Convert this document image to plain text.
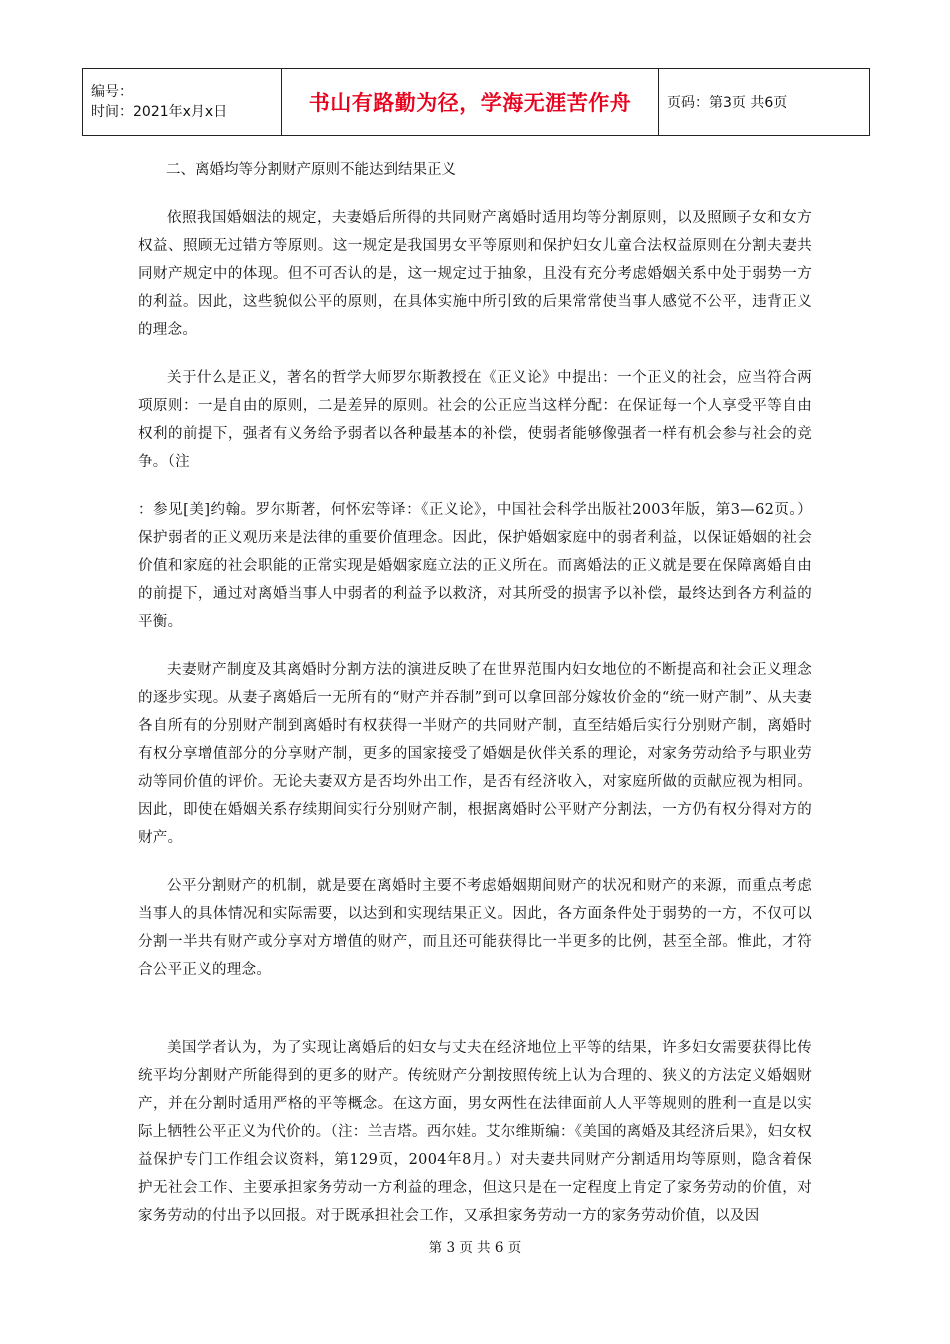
编号：
时间：2021年x月x日	书山有路勤为径，学海无涯苦作舟	页码：第3页 共6页

二、离婚均等分割财产原则不能达到结果正义

依照我国婚姻法的规定，夫妻婚后所得的共同财产离婚时适用均等分割原则，以及照顾子女和女方权益、照顾无过错方等原则。这一规定是我国男女平等原则和保护妇女儿童合法权益原则在分割夫妻共同财产规定中的体现。但不可否认的是，这一规定过于抽象，且没有充分考虑婚姻关系中处于弱势一方的利益。因此，这些貌似公平的原则，在具体实施中所引致的后果常常使当事人感觉不公平，违背正义的理念。

关于什么是正义，著名的哲学大师罗尔斯教授在《正义论》中提出：一个正义的社会，应当符合两项原则：一是自由的原则，二是差异的原则。社会的公正应当这样分配：在保证每一个人享受平等自由权利的前提下，强者有义务给予弱者以各种最基本的补偿，使弱者能够像强者一样有机会参与社会的竞争。（注

：参见[美]约翰。罗尔斯著，何怀宏等译：《正义论》，中国社会科学出版社2003年版，第3—62页。）保护弱者的正义观历来是法律的重要价值理念。因此，保护婚姻家庭中的弱者利益，以保证婚姻的社会价值和家庭的社会职能的正常实现是婚姻家庭立法的正义所在。而离婚法的正义就是要在保障离婚自由的前提下，通过对离婚当事人中弱者的利益予以救济，对其所受的损害予以补偿，最终达到各方利益的平衡。

夫妻财产制度及其离婚时分割方法的演进反映了在世界范围内妇女地位的不断提高和社会正义理念的逐步实现。从妻子离婚后一无所有的“财产并吞制”到可以拿回部分嫁妆价金的“统一财产制”、从夫妻各自所有的分别财产制到离婚时有权获得一半财产的共同财产制，直至结婚后实行分别财产制，离婚时有权分享增值部分的分享财产制，更多的国家接受了婚姻是伙伴关系的理论，对家务劳动给予与职业劳动等同价值的评价。无论夫妻双方是否均外出工作，是否有经济收入，对家庭所做的贡献应视为相同。因此，即使在婚姻关系存续期间实行分别财产制，根据离婚时公平财产分割法，一方仍有权分得对方的财产。

公平分割财产的机制，就是要在离婚时主要不考虑婚姻期间财产的状况和财产的来源，而重点考虑当事人的具体情况和实际需要，以达到和实现结果正义。因此，各方面条件处于弱势的一方，不仅可以分割一半共有财产或分享对方增值的财产，而且还可能获得比一半更多的比例，甚至全部。惟此，才符合公平正义的理念。

美国学者认为，为了实现让离婚后的妇女与丈夫在经济地位上平等的结果，许多妇女需要获得比传统平均分割财产所能得到的更多的财产。传统财产分割按照传统上认为合理的、狭义的方法定义婚姻财产，并在分割时适用严格的平等概念。在这方面，男女两性在法律面前人人平等规则的胜利一直是以实际上牺牲公平正义为代价的。（注：兰吉塔。西尔娃。艾尔维斯编：《美国的离婚及其经济后果》，妇女权益保护专门工作组会议资料，第129页，2004年8月。）对夫妻共同财产分割适用均等原则，隐含着保护无社会工作、主要承担家务劳动一方利益的理念，但这只是在一定程度上肯定了家务劳动的价值，对家务劳动的付出予以回报。对于既承担社会工作，又承担家务劳动一方的家务劳动价值，以及因

第 3 页 共 6 页
